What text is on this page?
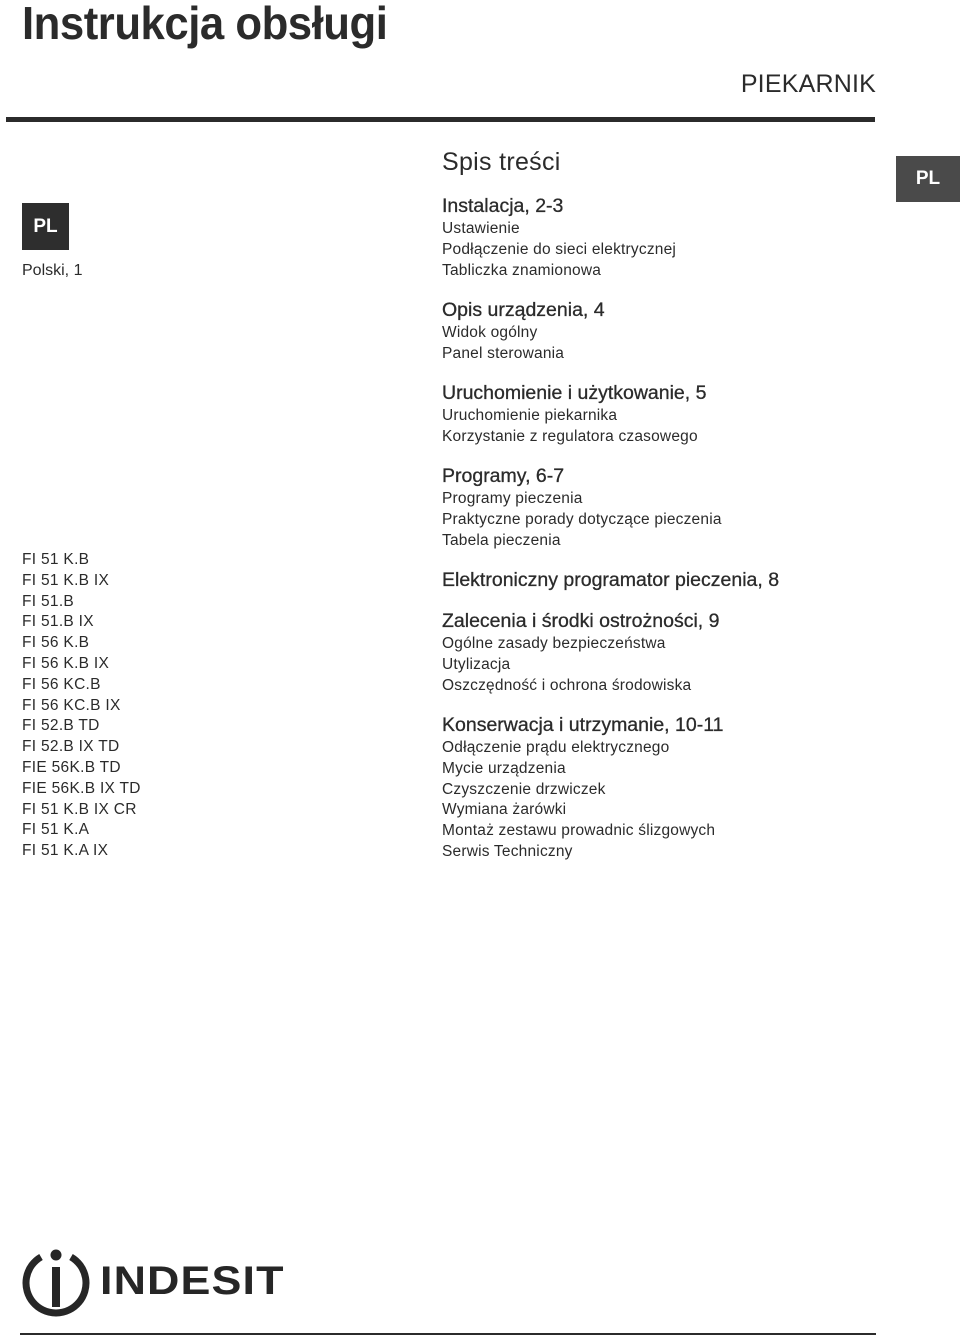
Instrukcja obsługi
PIEKARNIK
PL
PL
Polski, 1
FI 51 K.B
FI 51 K.B IX
FI 51.B
FI 51.B IX
FI 56 K.B
FI 56 K.B IX
FI 56 KC.B
FI 56 KC.B IX
FI 52.B TD
FI 52.B IX TD
FIE 56K.B TD
FIE 56K.B IX TD
FI 51 K.B IX CR
FI 51 K.A
FI 51 K.A IX
Spis treści
Instalacja, 2-3
Ustawienie
Podłączenie do sieci elektrycznej
Tabliczka znamionowa
Opis urządzenia, 4
Widok ogólny
Panel sterowania
Uruchomienie i użytkowanie, 5
Uruchomienie piekarnika
Korzystanie z regulatora czasowego
Programy, 6-7
Programy pieczenia
Praktyczne porady dotyczące pieczenia
Tabela pieczenia
Elektroniczny programator pieczenia, 8
Zalecenia i środki ostrożności, 9
Ogólne zasady bezpieczeństwa
Utylizacja
Oszczędność i ochrona środowiska
Konserwacja i utrzymanie, 10-11
Odłączenie prądu elektrycznego
Mycie urządzenia
Czyszczenie drzwiczek
Wymiana żarówki
Montaż zestawu prowadnic ślizgowych
Serwis Techniczny
INDESIT
